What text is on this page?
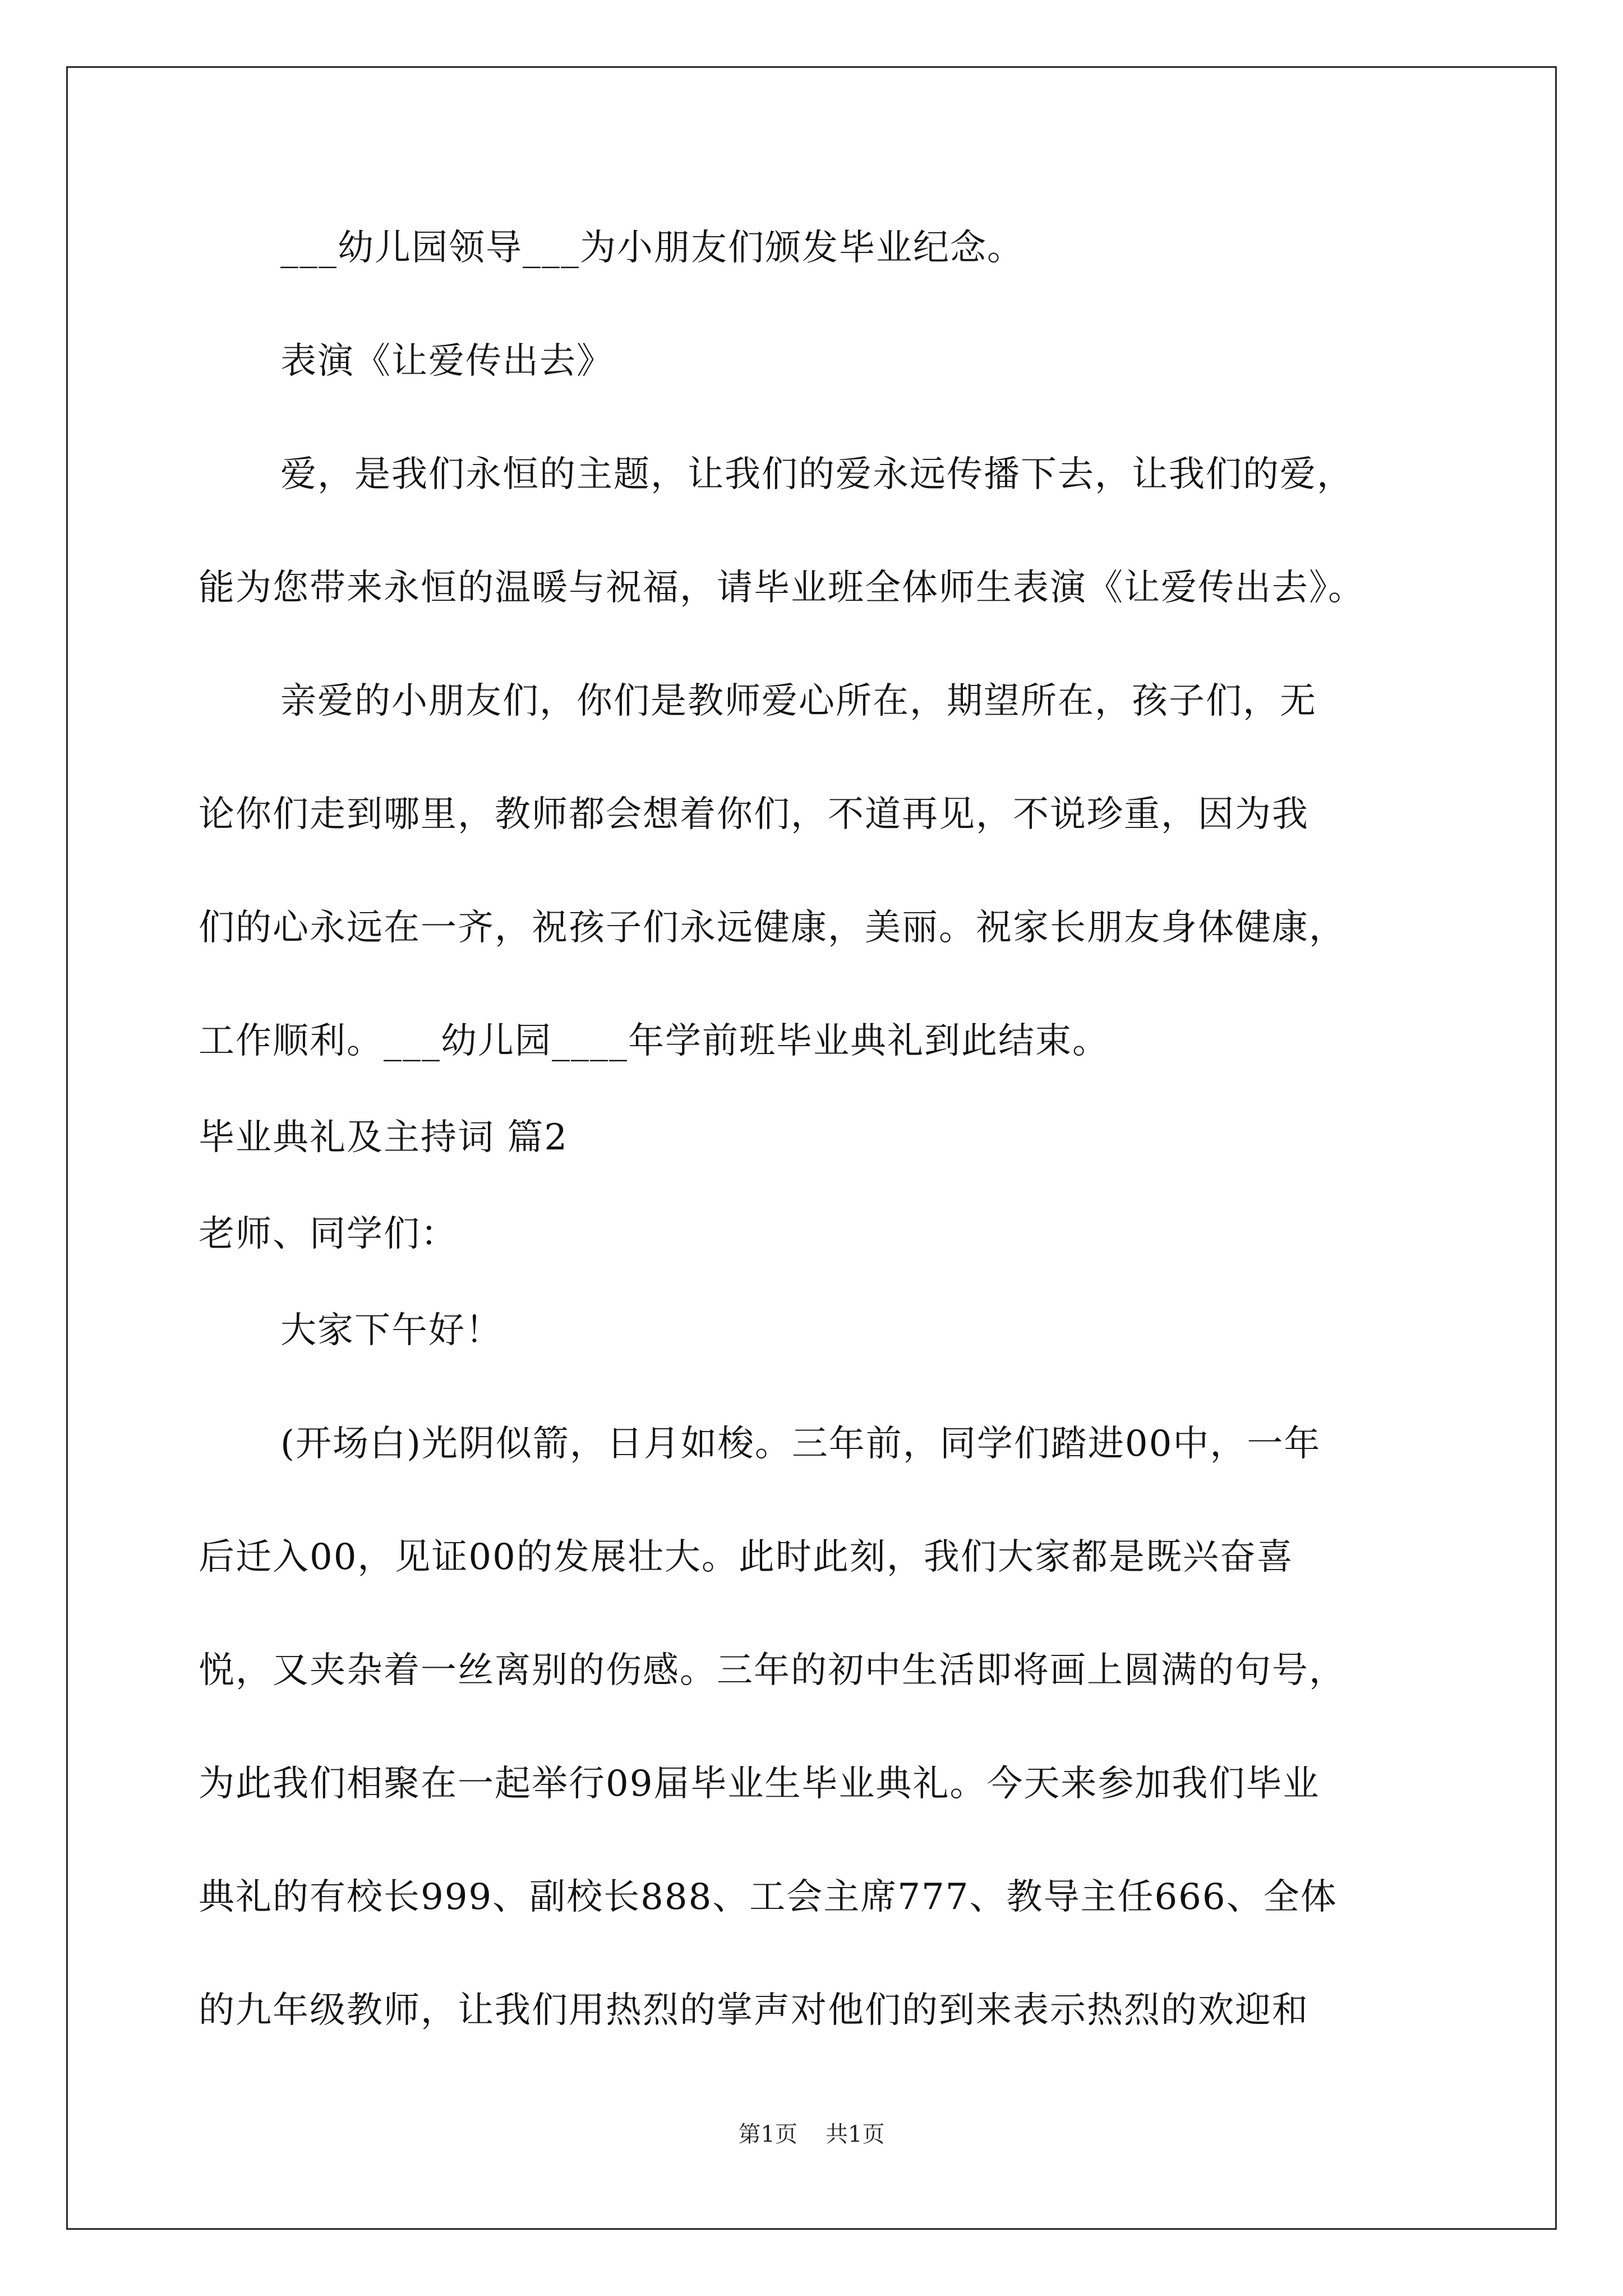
___幼儿园领导___为小朋友们颁发毕业纪念。
表演《让爱传出去》
爱，是我们永恒的主题，让我们的爱永远传播下去，让我们的爱，
能为您带来永恒的温暖与祝福，请毕业班全体师生表演《让爱传出去》。
亲爱的小朋友们，你们是教师爱心所在，期望所在，孩子们，无
论你们走到哪里，教师都会想着你们，不道再见，不说珍重，因为我
们的心永远在一齐，祝孩子们永远健康，美丽。祝家长朋友身体健康，
工作顺利。___幼儿园____年学前班毕业典礼到此结束。
毕业典礼及主持词 篇2
老师、同学们：
大家下午好！
(开场白)光阴似箭，日月如梭。三年前，同学们踏进00中，一年
后迁入00，见证00的发展壮大。此时此刻，我们大家都是既兴奋喜
悦，又夹杂着一丝离别的伤感。三年的初中生活即将画上圆满的句号，
为此我们相聚在一起举行09届毕业生毕业典礼。今天来参加我们毕业
典礼的有校长999、副校长888、工会主席777、教导主任666、全体
的九年级教师，让我们用热烈的掌声对他们的到来表示热烈的欢迎和
第1页 共1页
